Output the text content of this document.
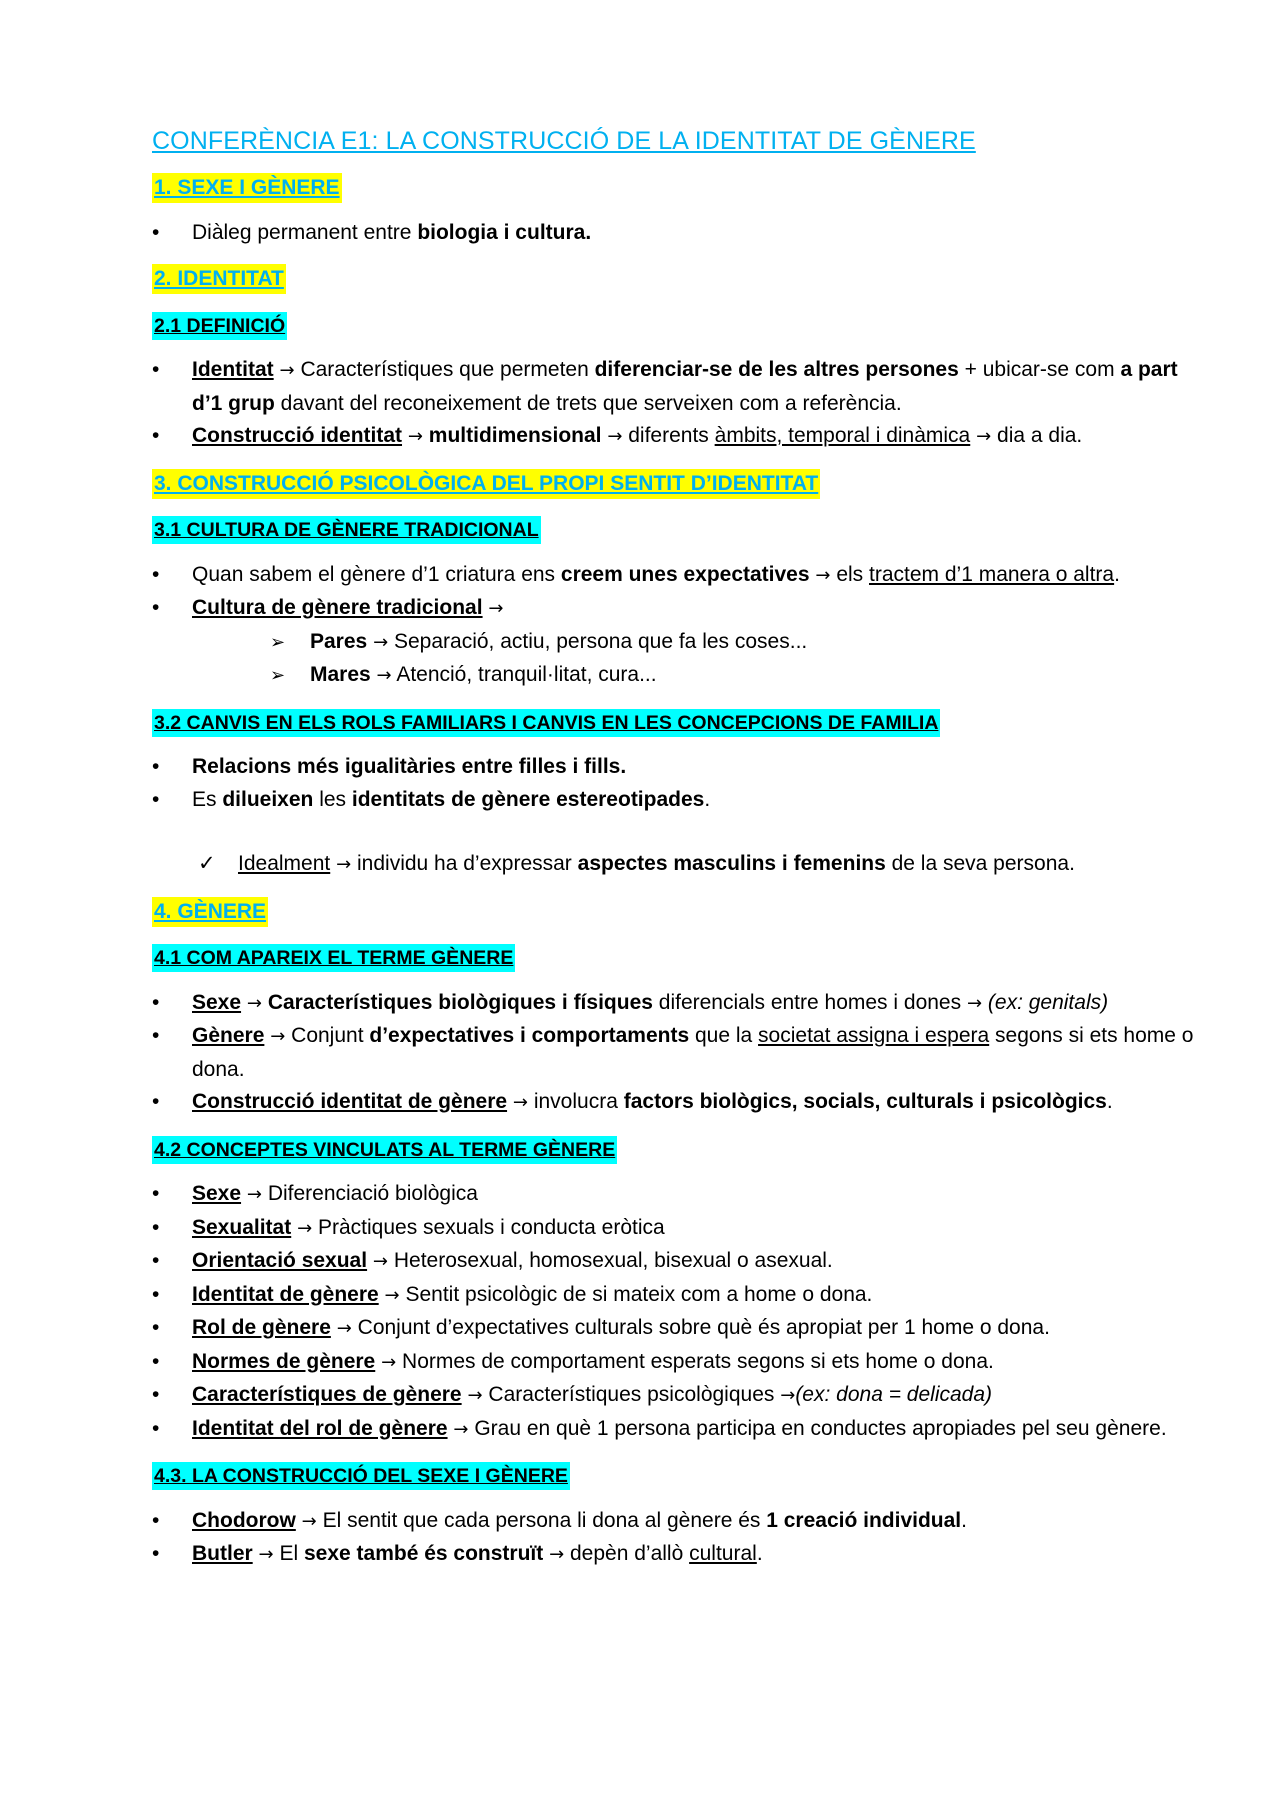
CONFERÈNCIA E1: LA CONSTRUCCIÓ DE LA IDENTITAT DE GÈNERE
1. SEXE I GÈNERE
•	Diàleg permanent entre biologia i cultura.
2. IDENTITAT
2.1 DEFINICIÓ
•	Identitat → Característiques que permeten diferenciar-se de les altres persones + ubicar-se com a part d’1 grup davant del reconeixement de trets que serveixen com a referència.
•	Construcció identitat → multidimensional → diferents àmbits, temporal i dinàmica → dia a dia.
3. CONSTRUCCIÓ PSICOLÒGICA DEL PROPI SENTIT D’IDENTITAT
3.1 CULTURA DE GÈNERE TRADICIONAL
•	Quan sabem el gènere d’1 criatura ens creem unes expectatives → els tractem d’1 manera o altra.
•	Cultura de gènere tradicional →
➢	Pares → Separació, actiu, persona que fa les coses...
➢	Mares → Atenció, tranquil·litat, cura...
3.2 CANVIS EN ELS ROLS FAMILIARS I CANVIS EN LES CONCEPCIONS DE FAMILIA
•	Relacions més igualitàries entre filles i fills.
•	Es dilueixen les identitats de gènere estereotipades.
✓	Idealment → individu ha d’expressar aspectes masculins i femenins de la seva persona.
4. GÈNERE
4.1 COM APAREIX EL TERME GÈNERE
•	Sexe → Característiques biològiques i físiques diferencials entre homes i dones → (ex: genitals)
•	Gènere → Conjunt d’expectatives i comportaments que la societat assigna i espera segons si ets home o dona.
•	Construcció identitat de gènere → involucra factors biològics, socials, culturals i psicològics.
4.2 CONCEPTES VINCULATS AL TERME GÈNERE
•	Sexe → Diferenciació biològica
•	Sexualitat → Pràctiques sexuals i conducta eròtica
•	Orientació sexual → Heterosexual, homosexual, bisexual o asexual.
•	Identitat de gènere → Sentit psicològic de si mateix com a home o dona.
•	Rol de gènere → Conjunt d’expectatives culturals sobre què és apropiat per 1 home o dona.
•	Normes de gènere → Normes de comportament esperats segons si ets home o dona.
•	Característiques de gènere → Característiques psicològiques →(ex: dona = delicada)
•	Identitat del rol de gènere → Grau en què 1 persona participa en conductes apropiades pel seu gènere.
4.3. LA CONSTRUCCIÓ DEL SEXE I GÈNERE
•	Chodorow → El sentit que cada persona li dona al gènere és 1 creació individual.
•	Butler → El sexe també és construït → depèn d’allò cultural.
